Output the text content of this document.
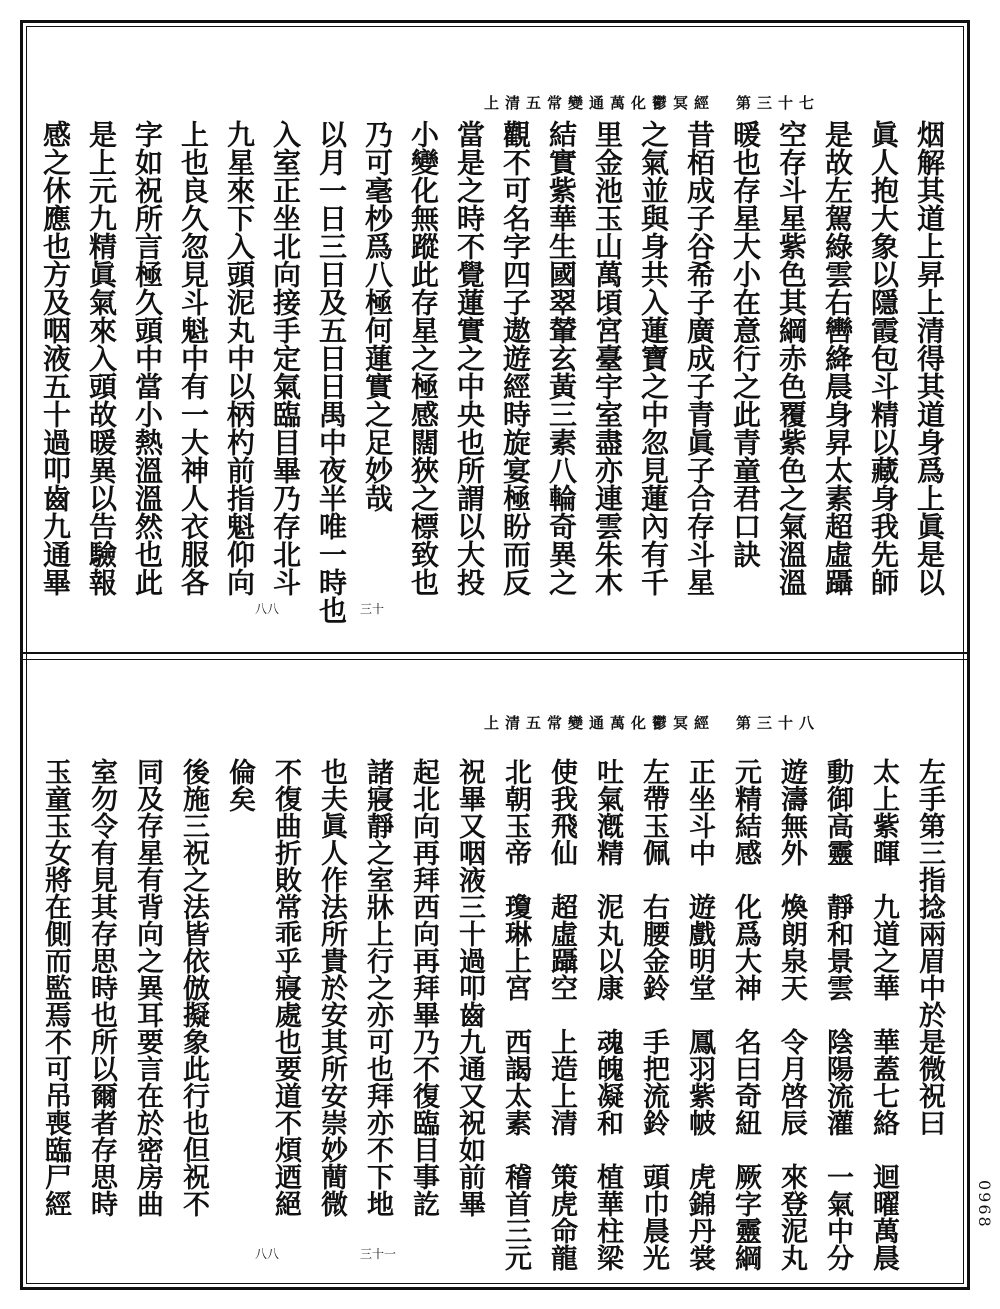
上清五常變通萬化鬱冥經　第三十七
烟解其道上昇上清得其道身爲上眞是以
眞人抱大象以隱霞包斗精以藏身我先師
是故左駕綠雲右轡絳晨身昇太素超虛躡
空存斗星紫色其綱赤色覆紫色之氣溫溫
暖也存星大小在意行之此青童君口訣
昔栢成子谷希子廣成子青眞子合存斗星
之氣並與身共入蓮寶之中忽見蓮內有千
里金池玉山萬頃宮臺宇室盡亦連雲朱木
結實紫華生國翠輦玄黃三素八輪奇異之
觀不可名字四子遨遊經時旋宴極盼而反
當是之時不覺蓮實之中央也所謂以大投
小變化無蹤此存星之極感闊狹之標致也
乃可毫杪爲八極何蓮實之足妙哉
以月一日三日及五日日禺中夜半唯一時也
入室正坐北向接手定氣臨目畢乃存北斗
九星來下入頭泥丸中以柄杓前指魁仰向
上也良久忽見斗魁中有一大神人衣服各
字如祝所言極久頭中當小熱溫溫然也此
是上元九精眞氣來入頭故暖異以告驗報
感之休應也方及咽液五十過叩齒九通畢
八八	三十
上清五常變通萬化鬱冥經　第三十八
左手第三指捻兩眉中於是微祝曰
太上紫暉　九道之華　華蓋七絡　迴曜萬晨
動御高靈　靜和景雲　陰陽流灌　一氣中分
遊濤無外　煥朗泉天　令月啓辰　來登泥丸
元精結感　化爲大神　名曰奇紐　厥字靈綱
正坐斗中　遊戲明堂　鳳羽紫帔　虎錦丹裳
左帶玉佩　右腰金鈴　手把流鈴　頭巾晨光
吐氣漑精　泥丸以康　魂魄凝和　植華柱梁
使我飛仙　超虛躡空　上造上清　策虎命龍
北朝玉帝　瓊琳上宮　西謁太素　稽首三元
祝畢又咽液三十過叩齒九通又祝如前畢
起北向再拜西向再拜畢乃不復臨目事訖
諸寢靜之室牀上行之亦可也拜亦不下地
也夫眞人作法所貴於安其所安崇妙蕳微
不復曲折敗常乖乎寢處也要道不煩迺絕
倫矣
後施三祝之法皆依倣擬象此行也但祝不
同及存星有背向之異耳要言在於密房曲
室勿令有見其存思時也所以爾者存思時
玉童玉女將在側而監焉不可吊喪臨尸經
八八	三十一
0968
